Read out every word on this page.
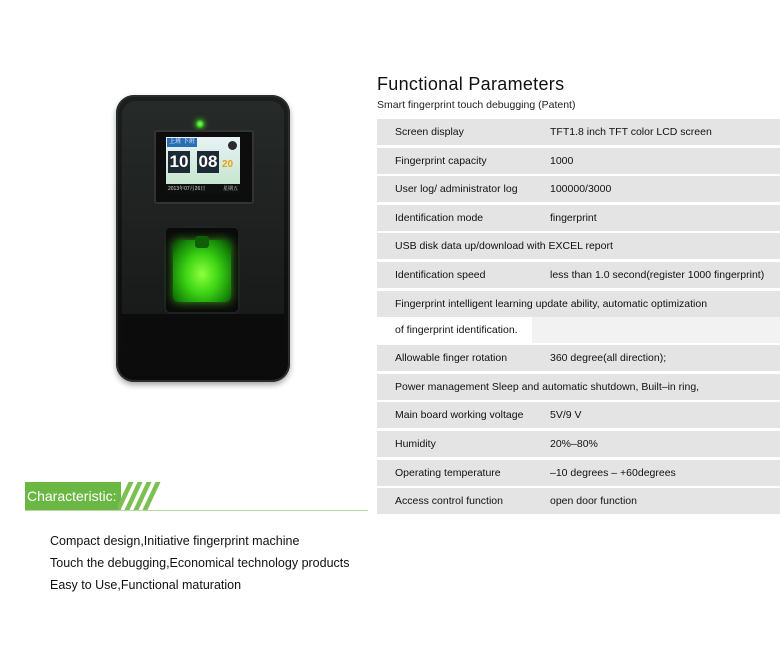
上班 下班
10 08 20
2013年07月26日	星期五
Functional Parameters
Smart fingerprint touch debugging (Patent)
Screen display	TFT1.8 inch TFT color LCD screen
Fingerprint capacity	1000
User log/ administrator log	100000/3000
Identification mode	fingerprint
USB disk data up/download with EXCEL report
Identification speed	less than 1.0 second(register 1000 fingerprint)
Fingerprint intelligent learning update ability, automatic optimization
of fingerprint identification.
Allowable finger rotation	360 degree(all direction);
Power management Sleep and automatic shutdown, Built–in ring,
Main board working voltage	5V/9 V
Humidity	20%–80%
Operating temperature	–10 degrees – +60degrees
Access control function	open door function
Characteristic:
Compact design,Initiative fingerprint machine
Touch the debugging,Economical technology products
Easy to Use,Functional maturation
